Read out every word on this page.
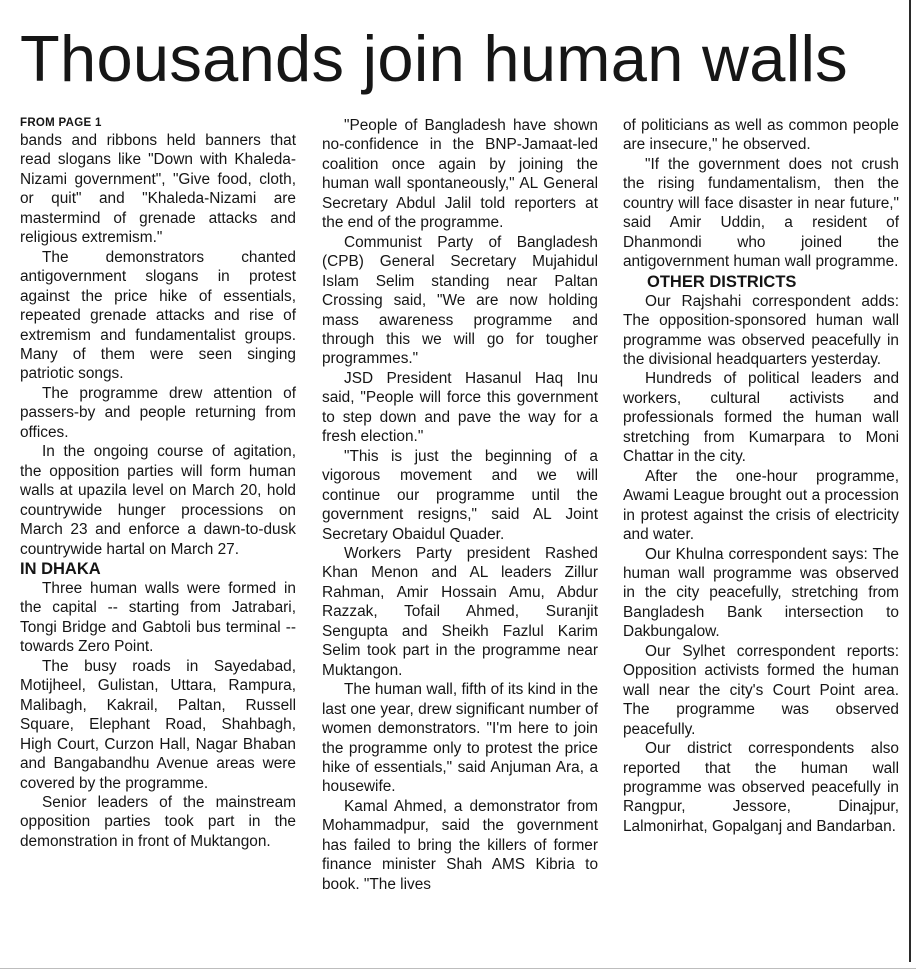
Thousands join human walls
FROM PAGE 1

bands and ribbons held banners that read slogans like "Down with Khaleda-Nizami government", "Give food, cloth, or quit" and "Khaleda-Nizami are mastermind of grenade attacks and religious extremism."

The demonstrators chanted antigovernment slogans in protest against the price hike of essentials, repeated grenade attacks and rise of extremism and fundamentalist groups. Many of them were seen singing patriotic songs.

The programme drew attention of passers-by and people returning from offices.

In the ongoing course of agitation, the opposition parties will form human walls at upazila level on March 20, hold countrywide hunger processions on March 23 and enforce a dawn-to-dusk countrywide hartal on March 27.

IN DHAKA

Three human walls were formed in the capital -- starting from Jatrabari, Tongi Bridge and Gabtoli bus terminal -- towards Zero Point.

The busy roads in Sayedabad, Motijheel, Gulistan, Uttara, Rampura, Malibagh, Kakrail, Paltan, Russell Square, Elephant Road, Shahbagh, High Court, Curzon Hall, Nagar Bhaban and Bangabandhu Avenue areas were covered by the programme.

Senior leaders of the mainstream opposition parties took part in the demonstration in front of Muktangon.

"People of Bangladesh have shown no-confidence in the BNP-Jamaat-led coalition once again by joining the human wall spontaneously," AL General Secretary Abdul Jalil told reporters at the end of the programme.

Communist Party of Bangladesh (CPB) General Secretary Mujahidul Islam Selim standing near Paltan Crossing said, "We are now holding mass awareness programme and through this we will go for tougher programmes."

JSD President Hasanul Haq Inu said, "People will force this government to step down and pave the way for a fresh election."

"This is just the beginning of a vigorous movement and we will continue our programme until the government resigns," said AL Joint Secretary Obaidul Quader.

Workers Party president Rashed Khan Menon and AL leaders Zillur Rahman, Amir Hossain Amu, Abdur Razzak, Tofail Ahmed, Suranjit Sengupta and Sheikh Fazlul Karim Selim took part in the programme near Muktangon.

The human wall, fifth of its kind in the last one year, drew significant number of women demonstrators. "I'm here to join the programme only to protest the price hike of essentials," said Anjuman Ara, a housewife.

Kamal Ahmed, a demonstrator from Mohammadpur, said the government has failed to bring the killers of former finance minister Shah AMS Kibria to book. "The lives

of politicians as well as common people are insecure," he observed.

"If the government does not crush the rising fundamentalism, then the country will face disaster in near future," said Amir Uddin, a resident of Dhanmondi who joined the antigovernment human wall programme.

OTHER DISTRICTS

Our Rajshahi correspondent adds: The opposition-sponsored human wall programme was observed peacefully in the divisional headquarters yesterday.

Hundreds of political leaders and workers, cultural activists and professionals formed the human wall stretching from Kumarpara to Moni Chattar in the city.

After the one-hour programme, Awami League brought out a procession in protest against the crisis of electricity and water.

Our Khulna correspondent says: The human wall programme was observed in the city peacefully, stretching from Bangladesh Bank intersection to Dakbungalow.

Our Sylhet correspondent reports: Opposition activists formed the human wall near the city's Court Point area. The programme was observed peacefully.

Our district correspondents also reported that the human wall programme was observed peacefully in Rangpur, Jessore, Dinajpur, Lalmonirhat, Gopalganj and Bandarban.
